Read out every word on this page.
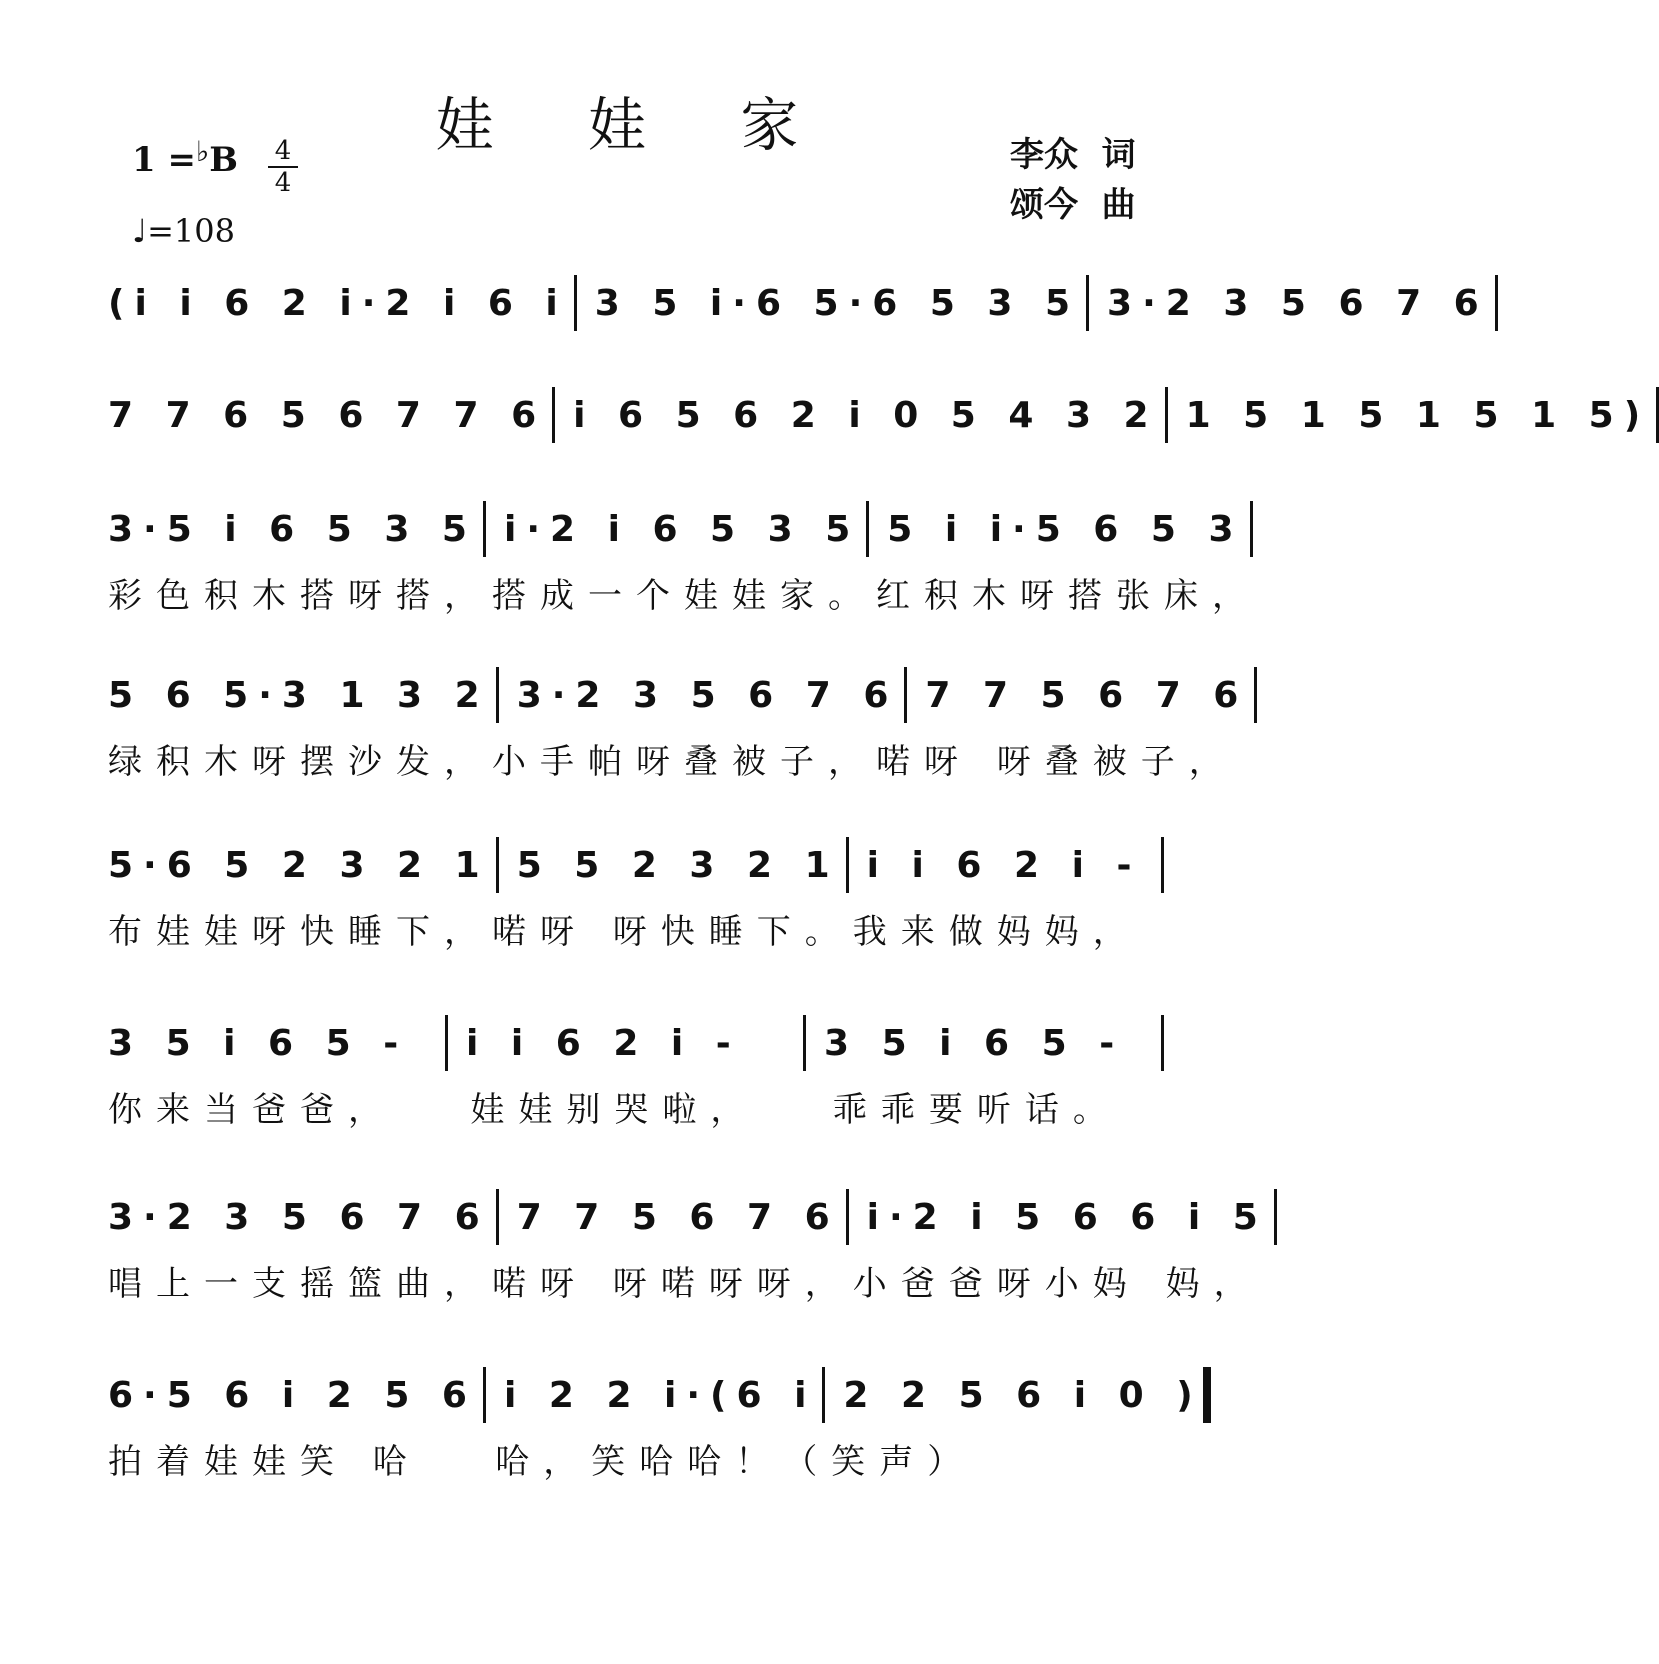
娃 娃 家
1 =♭B 4
4
♩=108
李众  词
颂今  曲
(i i 6 2 i·2 i 6 i 3 5 i·6 5·6 5 3 5 3·2 3 5 6 7 6
7 7 6 5 6 7 7 6 i 6 5 6 2 i 0 5 4 3 2 1 5 1 5 1 5 1 5)
3·5 i 6 5 3 5 i·2 i 6 5 3 5 5 i i·5 6 5 3
彩色积木搭呀搭，搭成一个娃娃家。红积木呀搭张床，
5 6 5·3 1 3 2 3·2 3 5 6 7 6 7 7 5 6 7 6
绿积木呀摆沙发，小手帕呀叠被子，喏呀 呀叠被子，
5·6 5 2 3 2 1 5 5 2 3 2 1 i i 6 2 i -
布娃娃呀快睡下，喏呀 呀快睡下。我来做妈妈，
3 5 i 6 5 -	i i 6 2 i -	3 5 i 6 5 -
你来当爸爸，   娃娃别哭啦，   乖乖要听话。
3·2 3 5 6 7 6 7 7 5 6 7 6 i·2 i 5 6 6 i 5
唱上一支摇篮曲，喏呀 呀喏呀呀，小爸爸呀小妈 妈，
6·5 6 i 2 5 6 i 2 2 i·(6 i 2 2 5 6 i 0 )
拍着娃娃笑 哈   哈，笑哈哈！（笑声）
